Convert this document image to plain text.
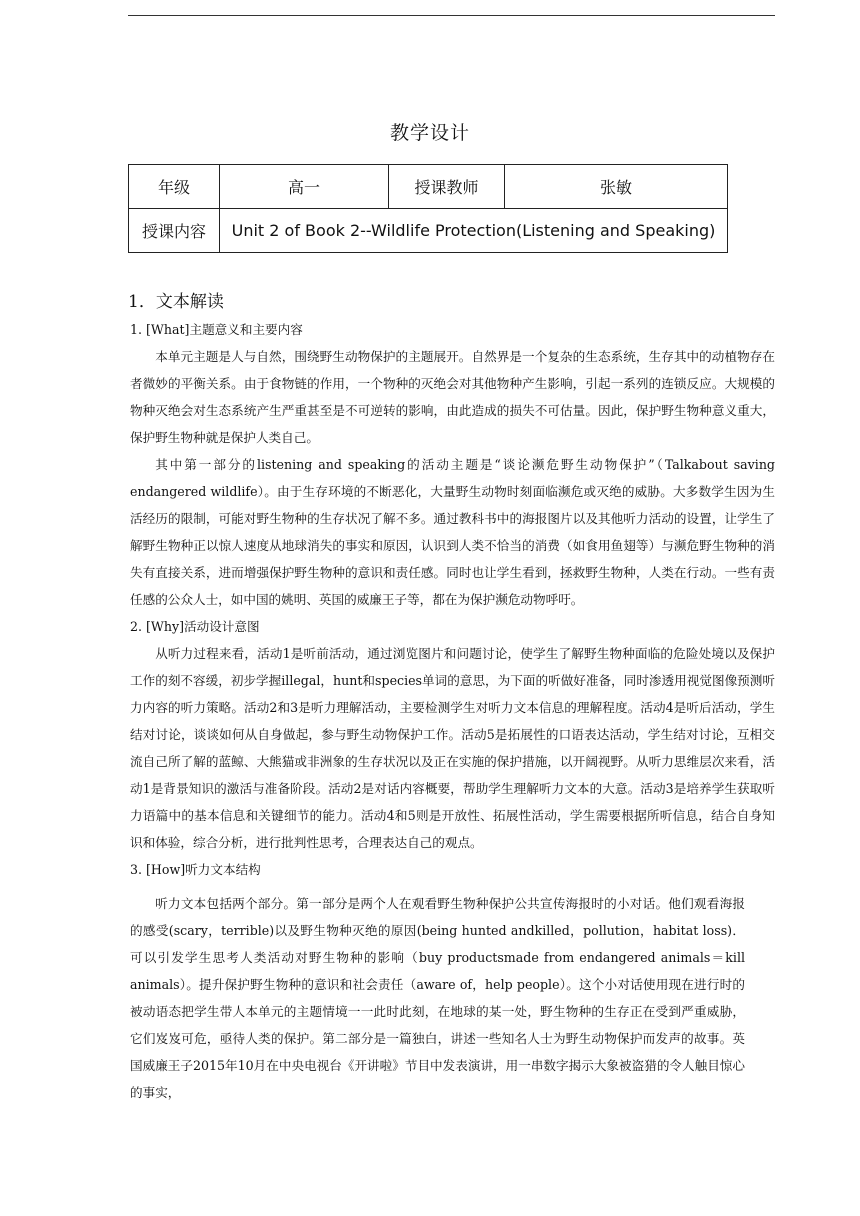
教学设计
年级	高一	授课教师	张敏
授课内容	Unit 2 of Book 2--Wildlife Protection(Listening and Speaking)		
1．文本解读

1. [What]主题意义和主要内容

本单元主题是人与自然，围绕野生动物保护的主题展开。自然界是一个复杂的生态系统，生存其中的动植物存在者微妙的平衡关系。由于食物链的作用，一个物种的灭绝会对其他物种产生影响，引起一系列的连锁反应。大规模的物种灭绝会对生态系统产生严重甚至是不可逆转的影响，由此造成的损失不可估量。因此，保护野生物种意义重大，保护野生物种就是保护人类自己。

其中第一部分的listening and speaking的活动主题是“谈论濒危野生动物保护”（Talkabout saving endangered wildlife）。由于生存环境的不断恶化，大量野生动物时刻面临濒危或灭绝的威胁。大多数学生因为生活经历的限制，可能对野生物种的生存状况了解不多。通过教科书中的海报图片以及其他听力活动的设置，让学生了解野生物种正以惊人速度从地球消失的事实和原因，认识到人类不恰当的消费（如食用鱼翅等）与濒危野生物种的消失有直接关系，进而增强保护野生物种的意识和责任感。同时也让学生看到，拯救野生物种，人类在行动。一些有责任感的公众人士，如中国的姚明、英国的威廉王子等，都在为保护濒危动物呼吁。

2. [Why]活动设计意图

从听力过程来看，活动1是听前活动，通过浏览图片和问题讨论，使学生了解野生物种面临的危险处境以及保护工作的刻不容缓，初步学握illegal，hunt和species单词的意思，为下面的听做好准备，同时渗透用视觉图像预测听力内容的听力策略。活动2和3是听力理解活动，主要检测学生对听力文本信息的理解程度。活动4是听后活动，学生结对讨论，谈谈如何从自身做起，参与野生动物保护工作。活动5是拓展性的口语表达活动，学生结对讨论，互相交流自己所了解的蓝鲸、大熊猫或非洲象的生存状况以及正在实施的保护措施，以开阔视野。从听力思维层次来看，活动1是背景知识的激活与准备阶段。活动2是对话内容概要，帮助学生理解听力文本的大意。活动3是培养学生获取听力语篇中的基本信息和关键细节的能力。活动4和5则是开放性、拓展性活动，学生需要根据所听信息，结合自身知识和体验，综合分析，进行批判性思考，合理表达自己的观点。

3. [How]听力文本结构

听力文本包括两个部分。第一部分是两个人在观看野生物种保护公共宣传海报时的小对话。他们观看海报的感受(scary，terrible)以及野生物种灭绝的原因(being hunted andkilled，pollution，habitat loss)．可以引发学生思考人类活动对野生物种的影响（buy productsmade from endangered animals＝kill animals）。提升保护野生物种的意识和社会责任（aware of，help people）。这个小对话使用现在进行时的被动语态把学生带人本单元的主题情境一一此时此刻，在地球的某一处，野生物种的生存正在受到严重威胁，它们岌岌可危，亟待人类的保护。第二部分是一篇独白，讲述一些知名人士为野生动物保护而发声的故事。英国威廉王子2015年10月在中央电视台《开讲啦》节目中发表演讲，用一串数字揭示大象被盗猎的令人触目惊心的事实，
